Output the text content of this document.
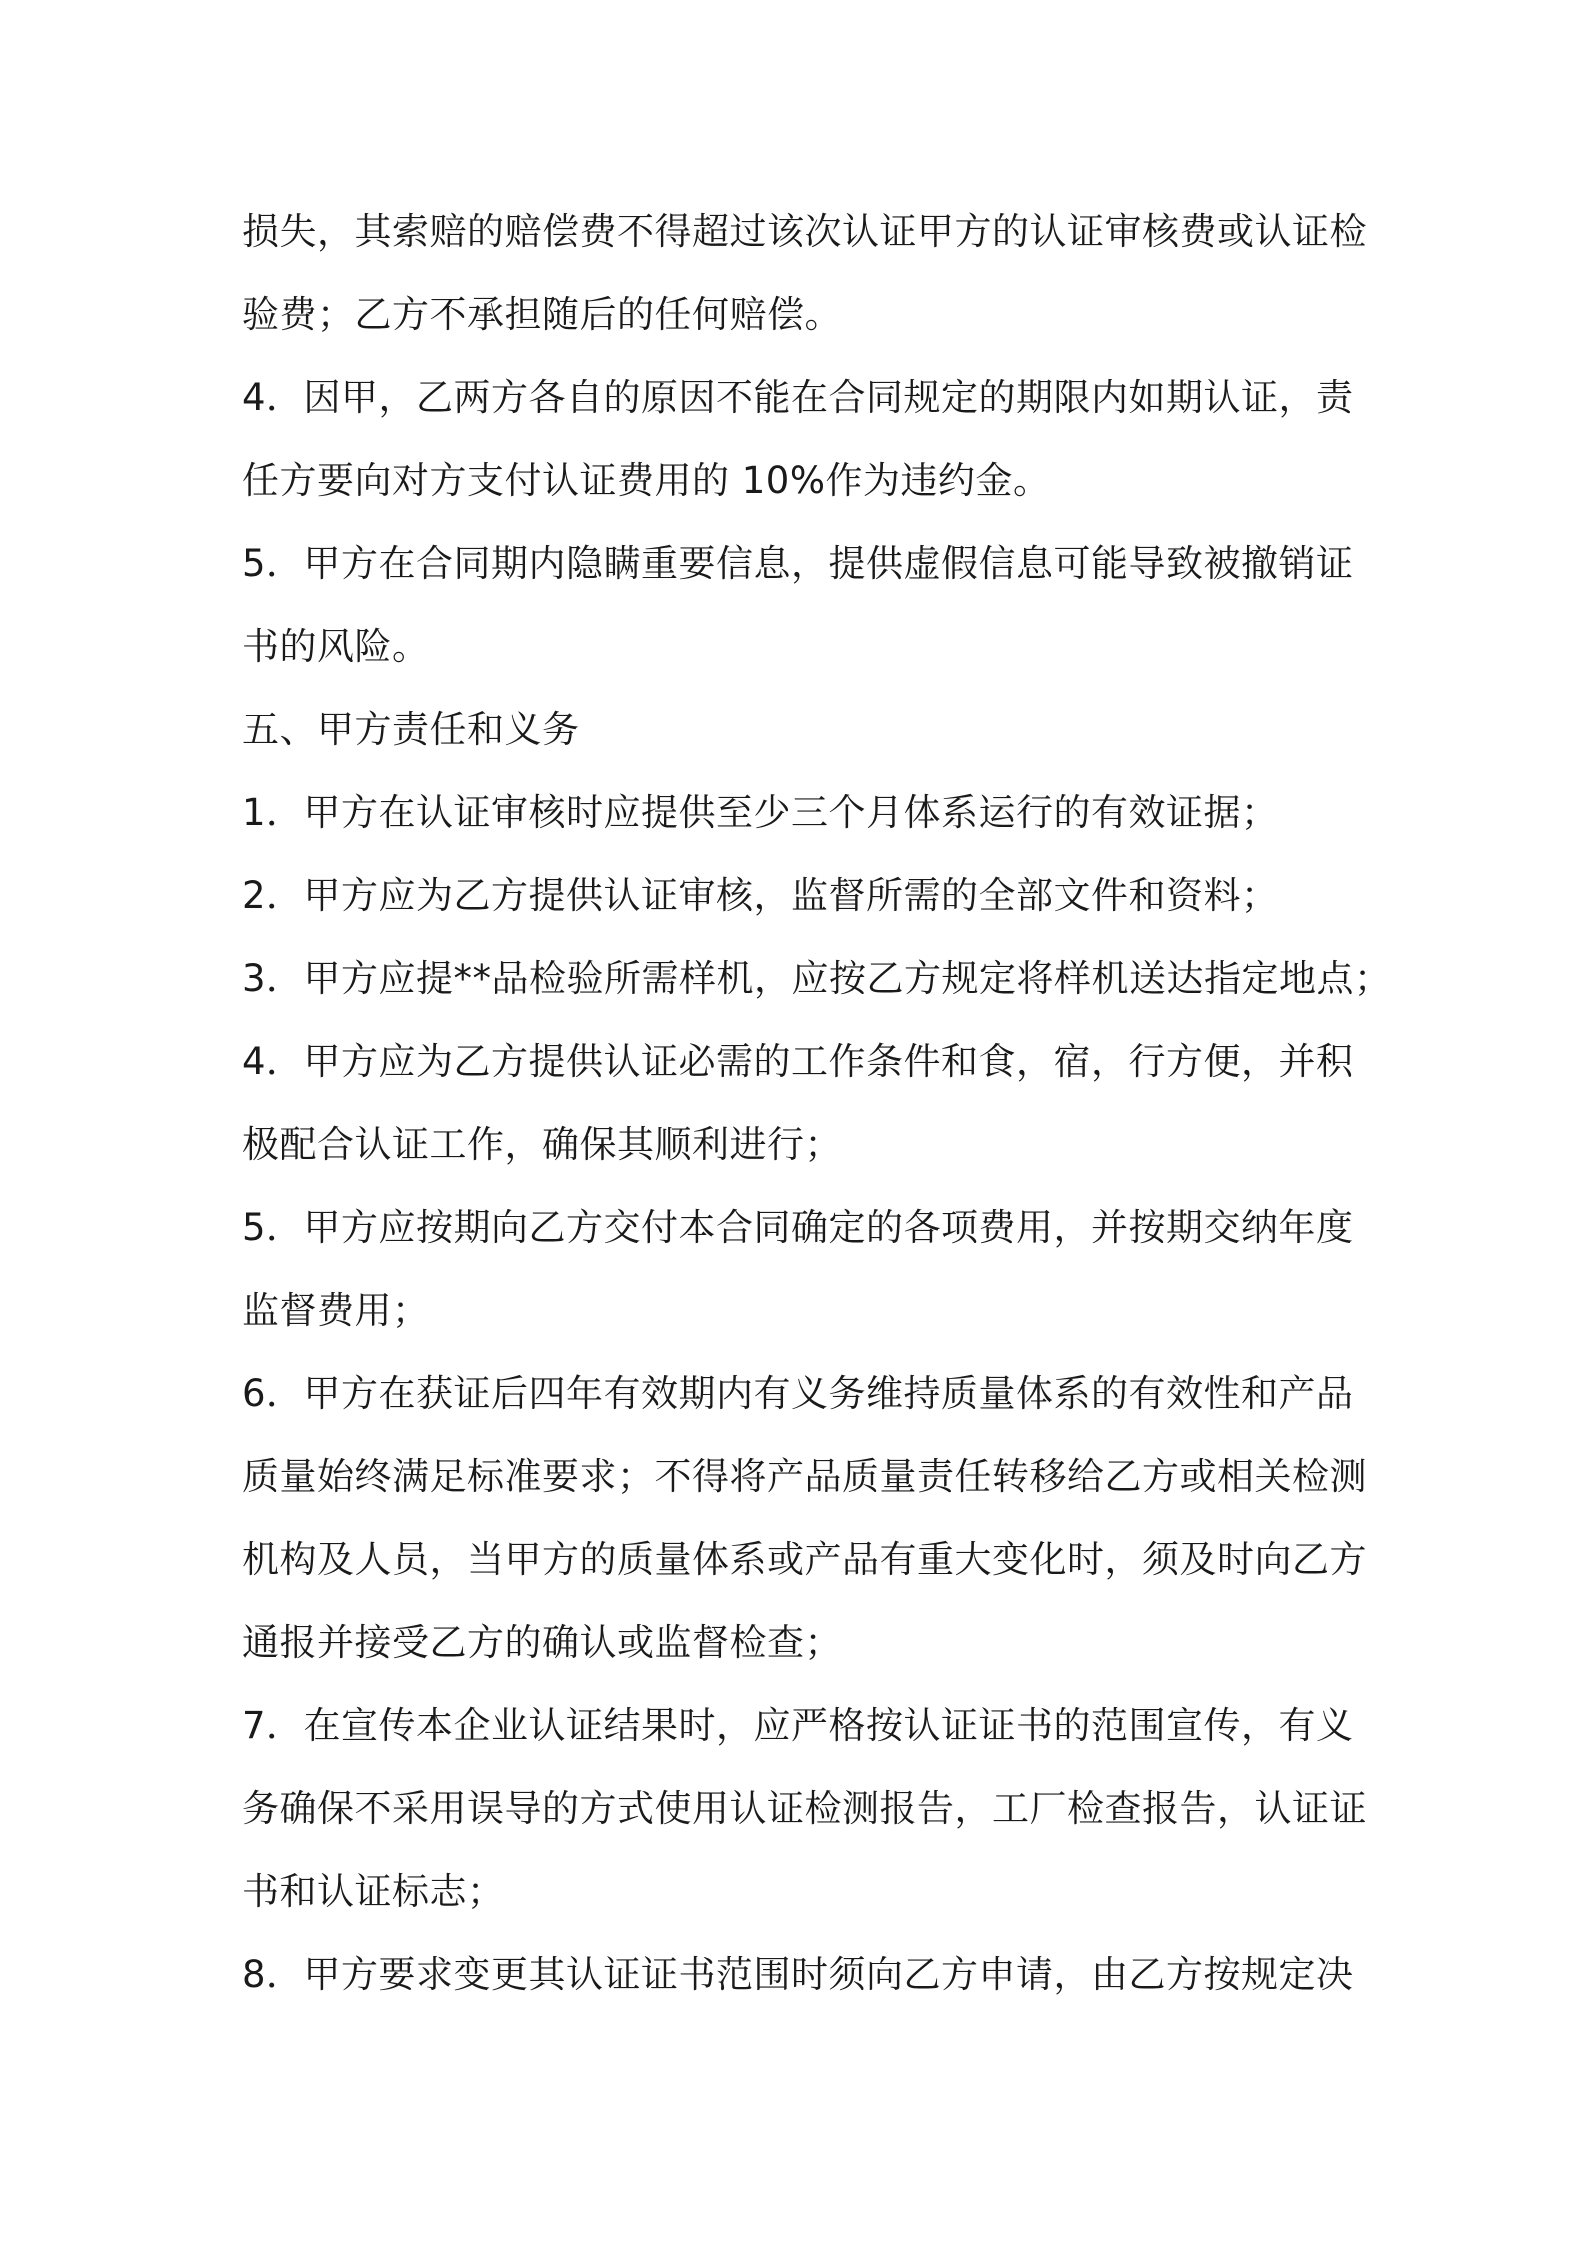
损失，其索赔的赔偿费不得超过该次认证甲方的认证审核费或认证检
验费；乙方不承担随后的任何赔偿。
4．因甲，乙两方各自的原因不能在合同规定的期限内如期认证，责
任方要向对方支付认证费用的 10%作为违约金。
5．甲方在合同期内隐瞒重要信息，提供虚假信息可能导致被撤销证
书的风险。
五、甲方责任和义务
1．甲方在认证审核时应提供至少三个月体系运行的有效证据；
2．甲方应为乙方提供认证审核，监督所需的全部文件和资料；
3．甲方应提**品检验所需样机，应按乙方规定将样机送达指定地点；
4．甲方应为乙方提供认证必需的工作条件和食，宿，行方便，并积
极配合认证工作，确保其顺利进行；
5．甲方应按期向乙方交付本合同确定的各项费用，并按期交纳年度
监督费用；
6．甲方在获证后四年有效期内有义务维持质量体系的有效性和产品
质量始终满足标准要求；不得将产品质量责任转移给乙方或相关检测
机构及人员，当甲方的质量体系或产品有重大变化时，须及时向乙方
通报并接受乙方的确认或监督检查；
7．在宣传本企业认证结果时，应严格按认证证书的范围宣传，有义
务确保不采用误导的方式使用认证检测报告，工厂检查报告，认证证
书和认证标志；
8．甲方要求变更其认证证书范围时须向乙方申请，由乙方按规定决
